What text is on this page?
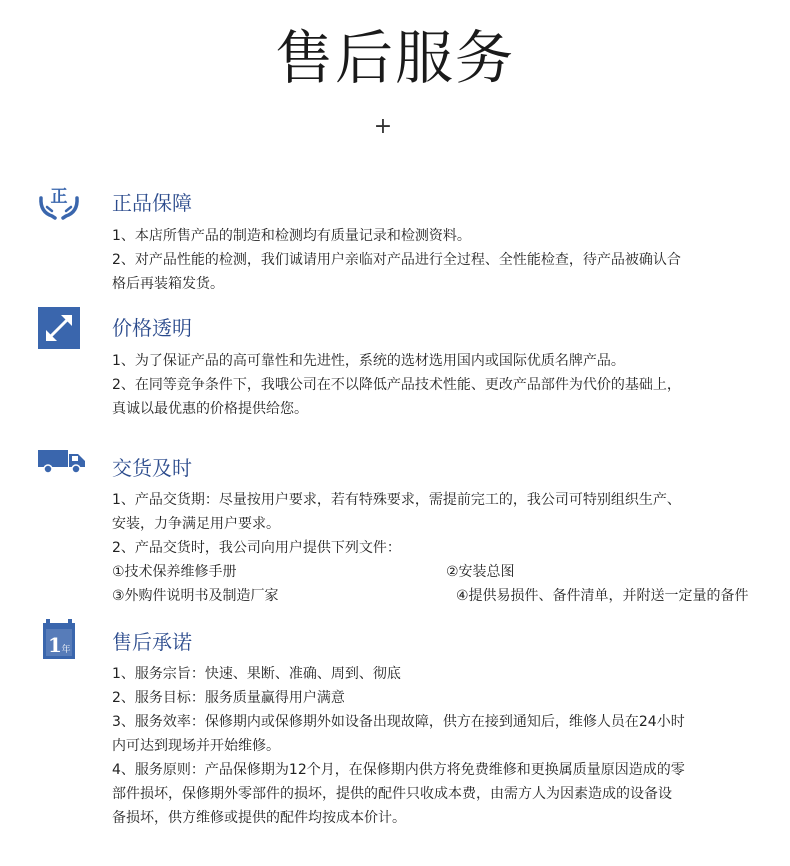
售后服务
+
正 正品保障
1、本店所售产品的制造和检测均有质量记录和检测资料。
2、对产品性能的检测，我们诚请用户亲临对产品进行全过程、全性能检查，待产品被确认合
格后再装箱发货。
价格透明
1、为了保证产品的高可靠性和先进性，系统的选材选用国内或国际优质名牌产品。
2、在同等竞争条件下，我哦公司在不以降低产品技术性能、更改产品部件为代价的基础上，
真诚以最优惠的价格提供给您。
交货及时
1、产品交货期：尽量按用户要求，若有特殊要求，需提前完工的，我公司可特别组织生产、
安装，力争满足用户要求。
2、产品交货时，我公司向用户提供下列文件：
①技术保养维修手册	②安装总图
③外购件说明书及制造厂家	④提供易损件、备件清单，并附送一定量的备件
1 年 售后承诺
1、服务宗旨：快速、果断、准确、周到、彻底
2、服务目标：服务质量赢得用户满意
3、服务效率：保修期内或保修期外如设备出现故障，供方在接到通知后，维修人员在24小时
内可达到现场并开始维修。
4、服务原则：产品保修期为12个月，在保修期内供方将免费维修和更换属质量原因造成的零
部件损坏，保修期外零部件的损坏，提供的配件只收成本费，由需方人为因素造成的设备设
备损坏，供方维修或提供的配件均按成本价计。
